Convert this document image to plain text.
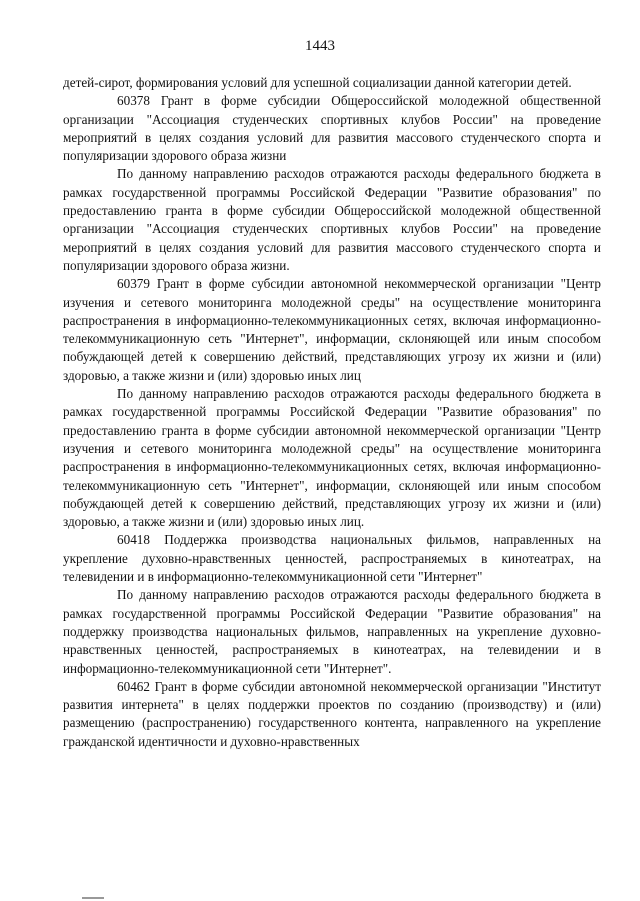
1443

детей-сирот, формирования условий для успешной социализации данной категории детей.

60378 Грант в форме субсидии Общероссийской молодежной общественной организации "Ассоциация студенческих спортивных клубов России" на проведение мероприятий в целях создания условий для развития массового студенческого спорта и популяризации здорового образа жизни

По данному направлению расходов отражаются расходы федерального бюджета в рамках государственной программы Российской Федерации "Развитие образования" по предоставлению гранта в форме субсидии Общероссийской молодежной общественной организации "Ассоциация студенческих спортивных клубов России" на проведение мероприятий в целях создания условий для развития массового студенческого спорта и популяризации здорового образа жизни.

60379 Грант в форме субсидии автономной некоммерческой организации "Центр изучения и сетевого мониторинга молодежной среды" на осуществление мониторинга распространения в информационно-телекоммуникационных сетях, включая информационно-телекоммуникационную сеть "Интернет", информации, склоняющей или иным способом побуждающей детей к совершению действий, представляющих угрозу их жизни и (или) здоровью, а также жизни и (или) здоровью иных лиц

По данному направлению расходов отражаются расходы федерального бюджета в рамках государственной программы Российской Федерации "Развитие образования" по предоставлению гранта в форме субсидии автономной некоммерческой организации "Центр изучения и сетевого мониторинга молодежной среды" на осуществление мониторинга распространения в информационно-телекоммуникационных сетях, включая информационно-телекоммуникационную сеть "Интернет", информации, склоняющей или иным способом побуждающей детей к совершению действий, представляющих угрозу их жизни и (или) здоровью, а также жизни и (или) здоровью иных лиц.

60418 Поддержка производства национальных фильмов, направленных на укрепление духовно-нравственных ценностей, распространяемых в кинотеатрах, на телевидении и в информационно-телекоммуникационной сети "Интернет"

По данному направлению расходов отражаются расходы федерального бюджета в рамках государственной программы Российской Федерации "Развитие образования" на поддержку производства национальных фильмов, направленных на укрепление духовно-нравственных ценностей, распространяемых в кинотеатрах, на телевидении и в информационно-телекоммуникационной сети "Интернет".

60462 Грант в форме субсидии автономной некоммерческой организации "Институт развития интернета" в целях поддержки проектов по созданию (производству) и (или) размещению (распространению) государственного контента, направленного на укрепление гражданской идентичности и духовно-нравственных
